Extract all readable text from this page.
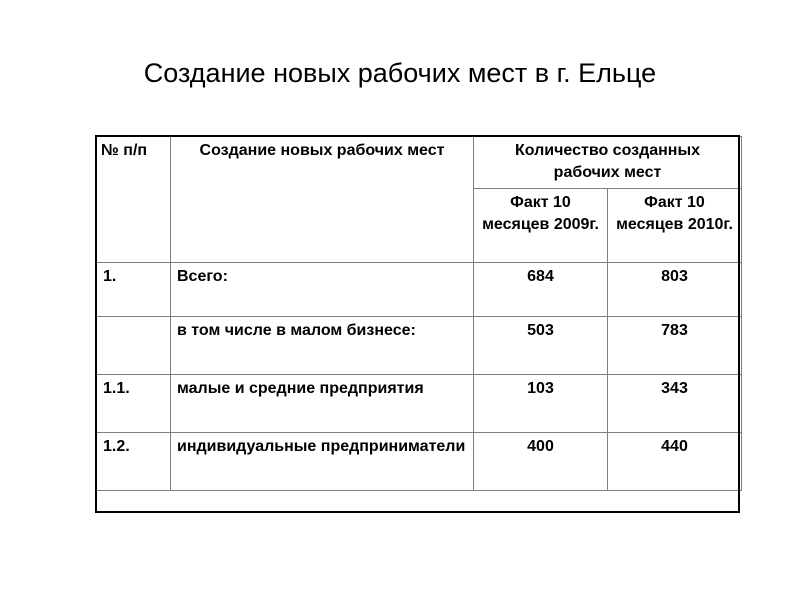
Создание новых рабочих мест в г. Ельце
№ п/п	Создание новых рабочих мест	Количество созданных рабочих мест	
		Факт 10 месяцев 2009г.	Факт 10 месяцев 2010г.
1.	Всего:	684	803
	в том числе в малом бизнесе:	503	783
1.1.	малые и средние предприятия	103	343
1.2.	индивидуальные предприниматели	400	440
